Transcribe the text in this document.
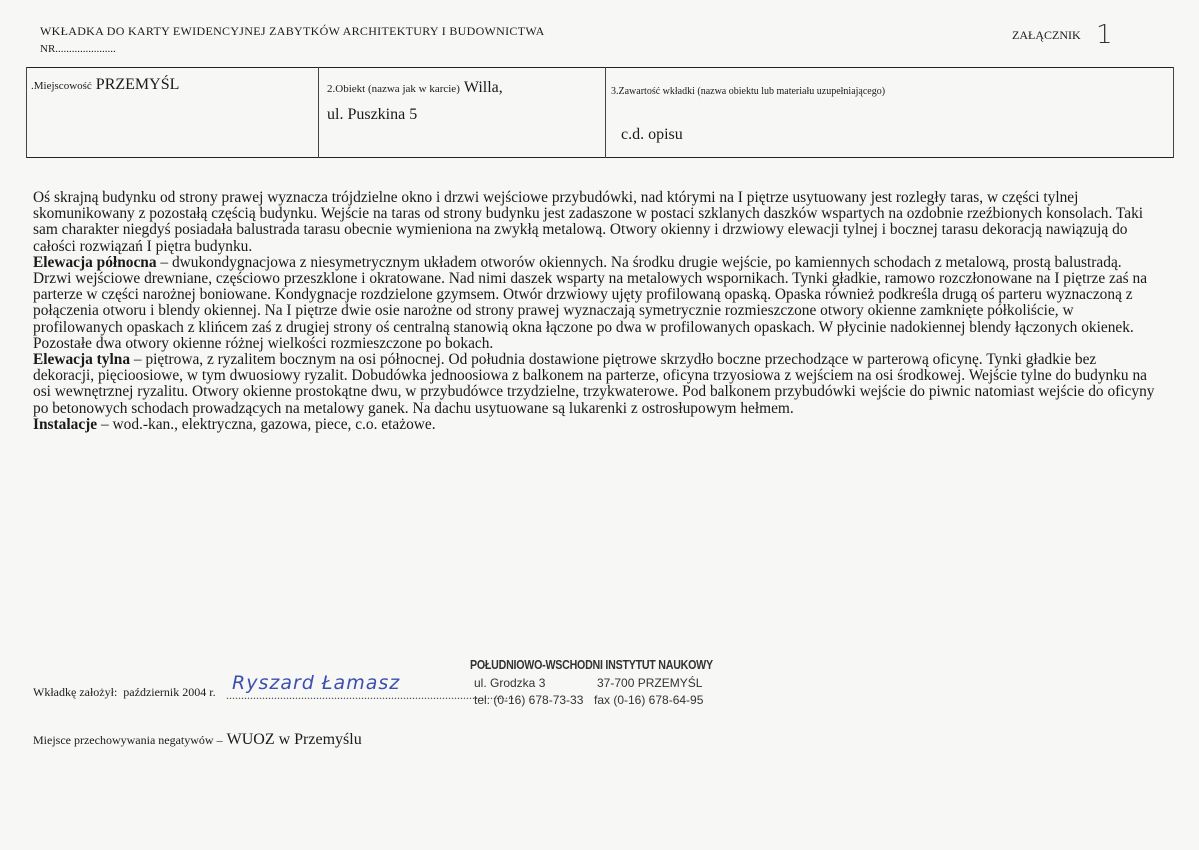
WKŁADKA DO KARTY EWIDENCYJNEJ ZABYTKÓW ARCHITEKTURY I BUDOWNICTWA
NR......................
ZAŁĄCZNIK 1
.Miejscowość PRZEMYŚL	2.Obiekt (nazwa jak w karcie) Willa,
ul. Puszkina 5
3.Zawartość wkładki (nazwa obiektu lub materiału uzupełniającego)
c.d. opisu

Oś skrajną budynku od strony prawej wyznacza trójdzielne okno i drzwi wejściowe przybudówki, nad którymi na I piętrze usytuowany jest rozległy taras, w części tylnej skomunikowany z pozostałą częścią budynku. Wejście na taras od strony budynku jest zadaszone w postaci szklanych daszków wspartych na ozdobnie rzeźbionych konsolach. Taki sam charakter niegdyś posiadała balustrada tarasu obecnie wymieniona na zwykłą metalową. Otwory okienny i drzwiowy elewacji tylnej i bocznej tarasu dekoracją nawiązują do całości rozwiązań I piętra budynku.

Elewacja północna – dwukondygnacjowa z niesymetrycznym układem otworów okiennych. Na środku drugie wejście, po kamiennych schodach z metalową, prostą balustradą. Drzwi wejściowe drewniane, częściowo przeszklone i okratowane. Nad nimi daszek wsparty na metalowych wspornikach. Tynki gładkie, ramowo rozczłonowane na I piętrze zaś na parterze w części narożnej boniowane. Kondygnacje rozdzielone gzymsem. Otwór drzwiowy ujęty profilowaną opaską. Opaska również podkreśla drugą oś parteru wyznaczoną z połączenia otworu i blendy okiennej. Na I piętrze dwie osie narożne od strony prawej wyznaczają symetrycznie rozmieszczone otwory okienne zamknięte półkoliście, w profilowanych opaskach z klińcem zaś z drugiej strony oś centralną stanowią okna łączone po dwa w profilowanych opaskach. W płycinie nadokiennej blendy łączonych okienek. Pozostałe dwa otwory okienne różnej wielkości rozmieszczone po bokach.

Elewacja tylna – piętrowa, z ryzalitem bocznym na osi północnej. Od południa dostawione piętrowe skrzydło boczne przechodzące w parterową oficynę. Tynki gładkie bez dekoracji, pięcioosiowe, w tym dwuosiowy ryzalit. Dobudówka jednoosiowa z balkonem na parterze, oficyna trzyosiowa z wejściem na osi środkowej. Wejście tylne do budynku na osi wewnętrznej ryzalitu. Otwory okienne prostokątne dwu, w przybudówce trzydzielne, trzykwaterowe. Pod balkonem przybudówki wejście do piwnic natomiast wejście do oficyny po betonowych schodach prowadzących na metalowy ganek. Na dachu usytuowane są lukarenki z ostrosłupowym hełmem.

Instalacje – wod.-kan., elektryczna, gazowa, piece, c.o. etażowe.

Wkładkę założył: październik 2004 r. ................................................................................................
Ryszard Łamasz
POŁUDNIOWO-WSCHODNI INSTYTUT NAUKOWY
ul. Grodzka 3	37-700 PRZEMYŚL
tel. (0-16) 678-73-33 fax (0-16) 678-64-95
Miejsce przechowywania negatywów – WUOZ w Przemyślu
